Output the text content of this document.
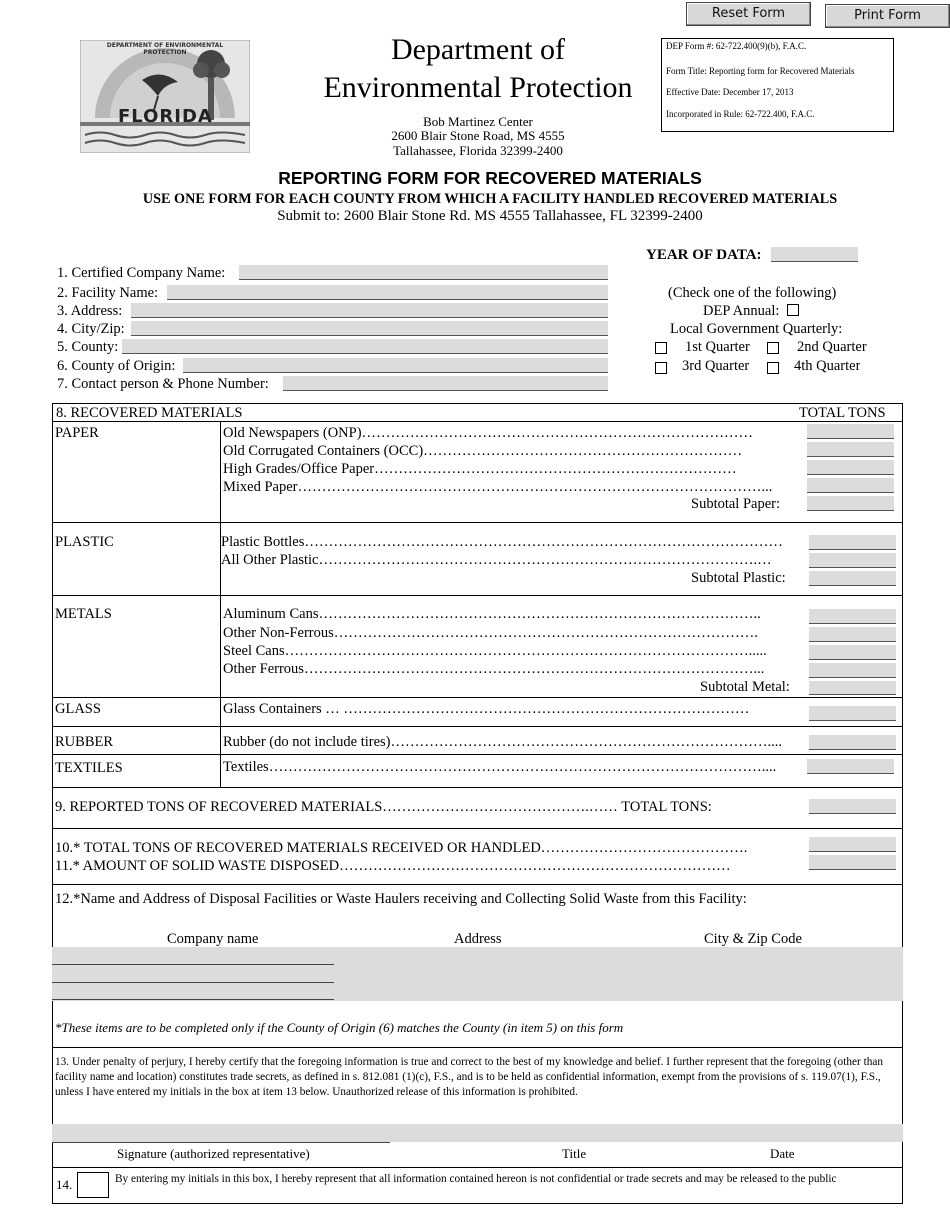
Reset Form	Print Form
FLORIDA
DEPARTMENT OF ENVIRONMENTAL PROTECTION	Department of
Environmental Protection
Bob Martinez Center
2600 Blair Stone Road, MS 4555
Tallahassee, Florida 32399-2400
DEP Form #: 62-722.400(9)(b), F.A.C.
Form Title: Reporting form for Recovered Materials
Effective Date: December 17, 2013
Incorporated in Rule: 62-722.400, F.A.C.
REPORTING FORM FOR RECOVERED MATERIALS
USE ONE FORM FOR EACH COUNTY FROM WHICH A FACILITY HANDLED RECOVERED MATERIALS
Submit to: 2600 Blair Stone Rd. MS 4555 Tallahassee, FL 32399-2400
1. Certified Company Name:
2. Facility Name:
3. Address:
4. City/Zip:
5. County:
6. County of Origin:
7. Contact person & Phone Number:
YEAR OF DATA:
(Check one of the following)
DEP Annual:
Local Government Quarterly:
1st Quarter	2nd Quarter
3rd Quarter	4th Quarter
8. RECOVERED MATERIALS	TOTAL TONS
PAPER	Old Newspapers (ONP)………………………………………………………………………
Old Corrugated Containers (OCC)…………………………………………………………
High Grades/Office Paper…………………………………………………………………
Mixed Paper……………………………………………………………………………………...
Subtotal Paper:
PLASTIC	Plastic Bottles………………………………………………………………………………………
All Other Plastic……………………………………………………………………………….…
Subtotal Plastic:
METALS	Aluminum Cans………………………………………………………………………………..
Other Non-Ferrous…………………………………………………………………………….
Steel Cans…………………………………………………………………………………….....
Other Ferrous…………………………………………………………………………………...
Subtotal Metal:
GLASS	Glass Containers … …………………………………………………………………………
RUBBER	Rubber (do not include tires)……………………………………………………………………....
TEXTILES	Textiles…………………………………………………………………………………………....
9. REPORTED TONS OF RECOVERED MATERIALS…………………………………….…… TOTAL TONS:
10.* TOTAL TONS OF RECOVERED MATERIALS RECEIVED OR HANDLED…………………………………….
11.* AMOUNT OF SOLID WASTE DISPOSED………………………………………………………………………
12.*Name and Address of Disposal Facilities or Waste Haulers receiving and Collecting Solid Waste from this Facility:
Company name	Address	City & Zip Code
*These items are to be completed only if the County of Origin (6) matches the County (in item 5) on this form
13. Under penalty of perjury, I hereby certify that the foregoing information is true and correct to the best of my knowledge and belief. I further represent that the foregoing (other than facility name and location) constitutes trade secrets, as defined in s. 812.081 (1)(c), F.S., and is to be held as confidential information, exempt from the provisions of s. 119.07(1), F.S., unless I have entered my initials in the box at item 13 below. Unauthorized release of this information is prohibited.
Signature (authorized representative)	Title	Date
14.	By entering my initials in this box, I hereby represent that all information contained hereon is not confidential or trade secrets and may be released to the public
